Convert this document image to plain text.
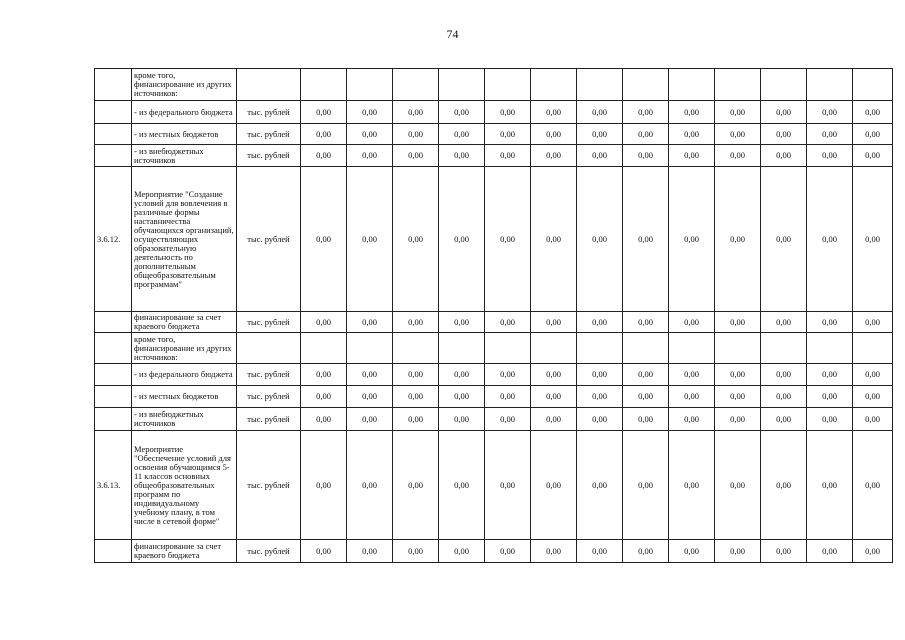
74
	кроме того, финансирование из других источников:														
	- из федерального бюджета	тыс. рублей	0,00	0,00	0,00	0,00	0,00	0,00	0,00	0,00	0,00	0,00	0,00	0,00	0,00
	- из местных бюджетов	тыс. рублей	0,00	0,00	0,00	0,00	0,00	0,00	0,00	0,00	0,00	0,00	0,00	0,00	0,00
	- из внебюджетных источников	тыс. рублей	0,00	0,00	0,00	0,00	0,00	0,00	0,00	0,00	0,00	0,00	0,00	0,00	0,00
3.6.12.	Мероприятие "Создание условий для вовлечения в различные формы наставничества обучающихся организаций, осуществляющих образовательную деятельность по дополнительным общеобразовательным программам"	тыс. рублей	0,00	0,00	0,00	0,00	0,00	0,00	0,00	0,00	0,00	0,00	0,00	0,00	0,00
	финансирование за счет краевого бюджета	тыс. рублей	0,00	0,00	0,00	0,00	0,00	0,00	0,00	0,00	0,00	0,00	0,00	0,00	0,00
	кроме того, финансирование из других источников:														
	- из федерального бюджета	тыс. рублей	0,00	0,00	0,00	0,00	0,00	0,00	0,00	0,00	0,00	0,00	0,00	0,00	0,00
	- из местных бюджетов	тыс. рублей	0,00	0,00	0,00	0,00	0,00	0,00	0,00	0,00	0,00	0,00	0,00	0,00	0,00
	- из внебюджетных источников	тыс. рублей	0,00	0,00	0,00	0,00	0,00	0,00	0,00	0,00	0,00	0,00	0,00	0,00	0,00
3.6.13.	Мероприятие "Обеспечение условий для освоения обучающимся 5-11 классов основных общеобразовательных программ по индивидуальному учебному плану, в том числе в сетевой форме"	тыс. рублей	0,00	0,00	0,00	0,00	0,00	0,00	0,00	0,00	0,00	0,00	0,00	0,00	0,00
	финансирование за счет краевого бюджета	тыс. рублей	0,00	0,00	0,00	0,00	0,00	0,00	0,00	0,00	0,00	0,00	0,00	0,00	0,00
